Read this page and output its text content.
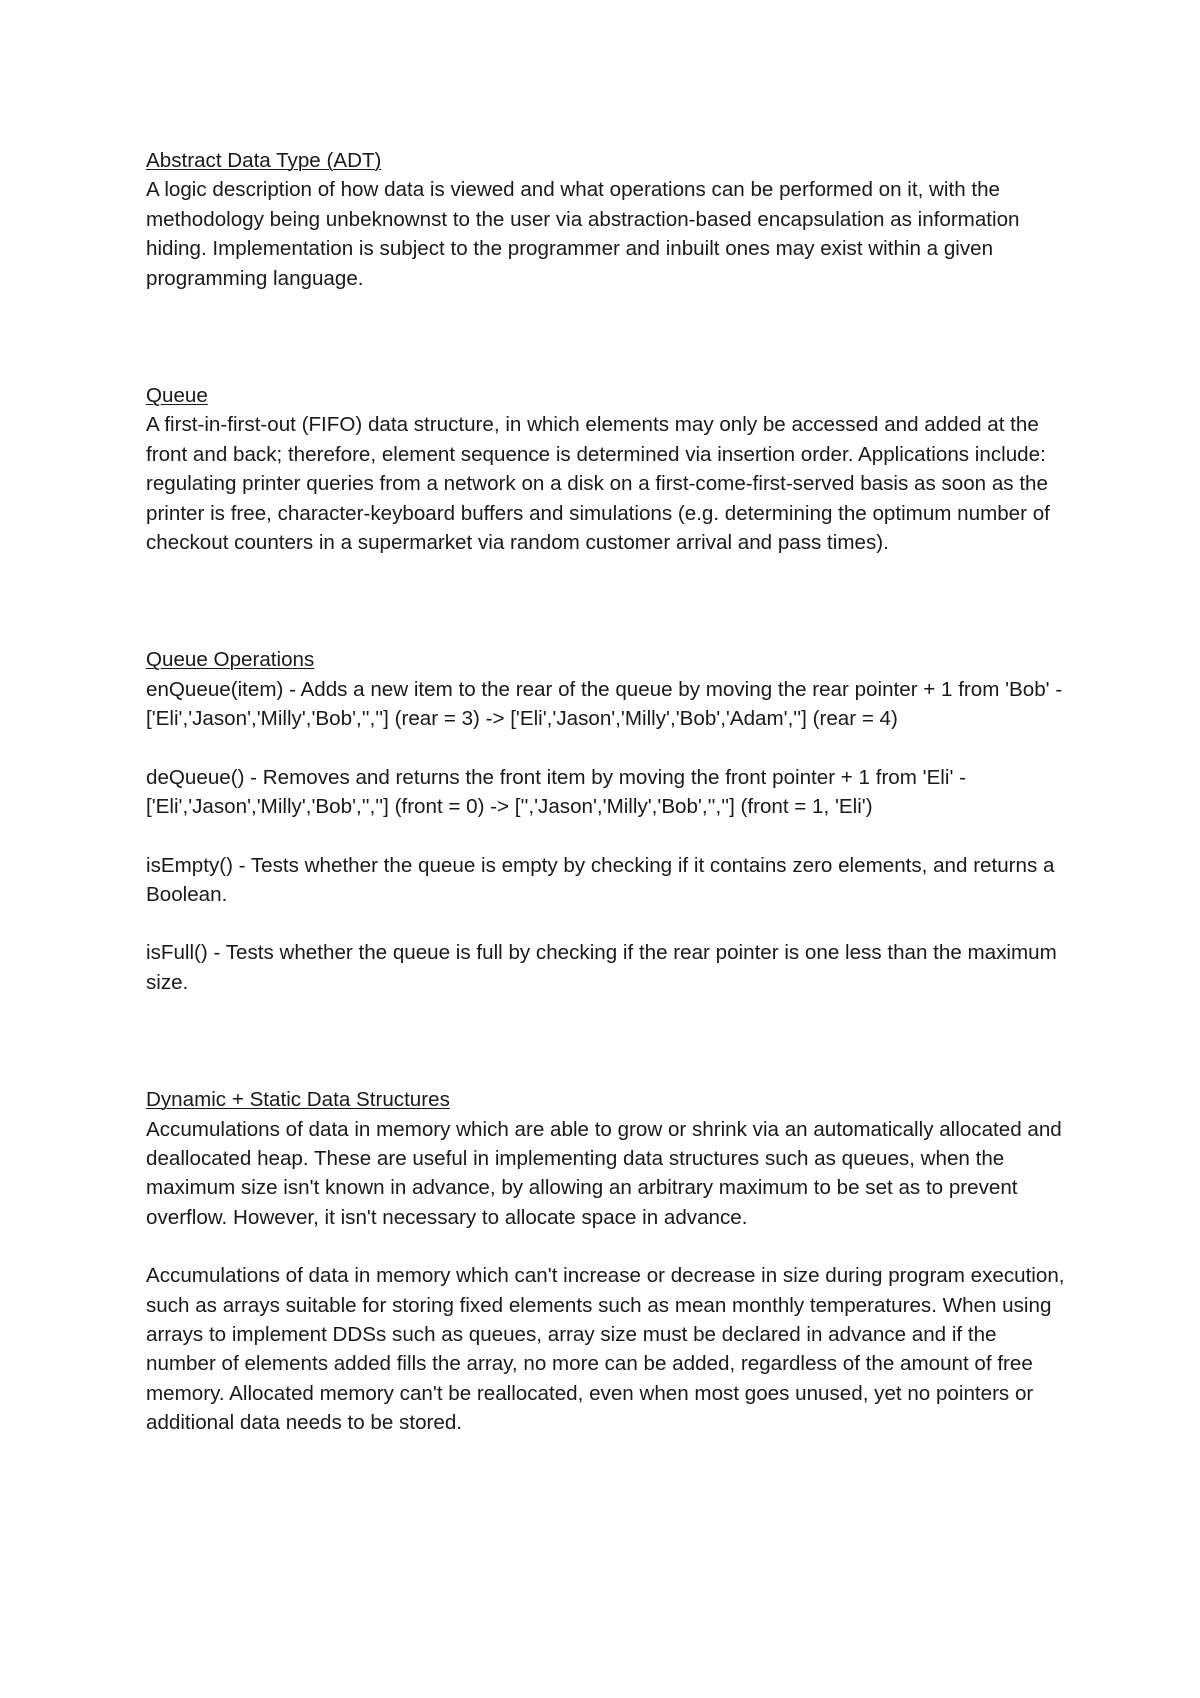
Abstract Data Type (ADT)

A logic description of how data is viewed and what operations can be performed on it, with the methodology being unbeknownst to the user via abstraction-based encapsulation as information hiding. Implementation is subject to the programmer and inbuilt ones may exist within a given programming language.

Queue

A first-in-first-out (FIFO) data structure, in which elements may only be accessed and added at the front and back; therefore, element sequence is determined via insertion order. Applications include: regulating printer queries from a network on a disk on a first-come-first-served basis as soon as the printer is free, character-keyboard buffers and simulations (e.g. determining the optimum number of checkout counters in a supermarket via random customer arrival and pass times).

Queue Operations

enQueue(item) - Adds a new item to the rear of the queue by moving the rear pointer + 1 from 'Bob' -['Eli','Jason','Milly','Bob','',''] (rear = 3) -> ['Eli','Jason','Milly','Bob','Adam',''] (rear = 4)

deQueue() - Removes and returns the front item by moving the front pointer + 1 from 'Eli' - ['Eli','Jason','Milly','Bob','',''] (front = 0) -> ['','Jason','Milly','Bob','',''] (front = 1, 'Eli')

isEmpty() - Tests whether the queue is empty by checking if it contains zero elements, and returns a Boolean.

isFull() - Tests whether the queue is full by checking if the rear pointer is one less than the maximum size.

Dynamic + Static Data Structures

Accumulations of data in memory which are able to grow or shrink via an automatically allocated and deallocated heap. These are useful in implementing data structures such as queues, when the maximum size isn't known in advance, by allowing an arbitrary maximum to be set as to prevent overflow. However, it isn't necessary to allocate space in advance.

Accumulations of data in memory which can't increase or decrease in size during program execution, such as arrays suitable for storing fixed elements such as mean monthly temperatures. When using arrays to implement DDSs such as queues, array size must be declared in advance and if the number of elements added fills the array, no more can be added, regardless of the amount of free memory. Allocated memory can't be reallocated, even when most goes unused, yet no pointers or additional data needs to be stored.
